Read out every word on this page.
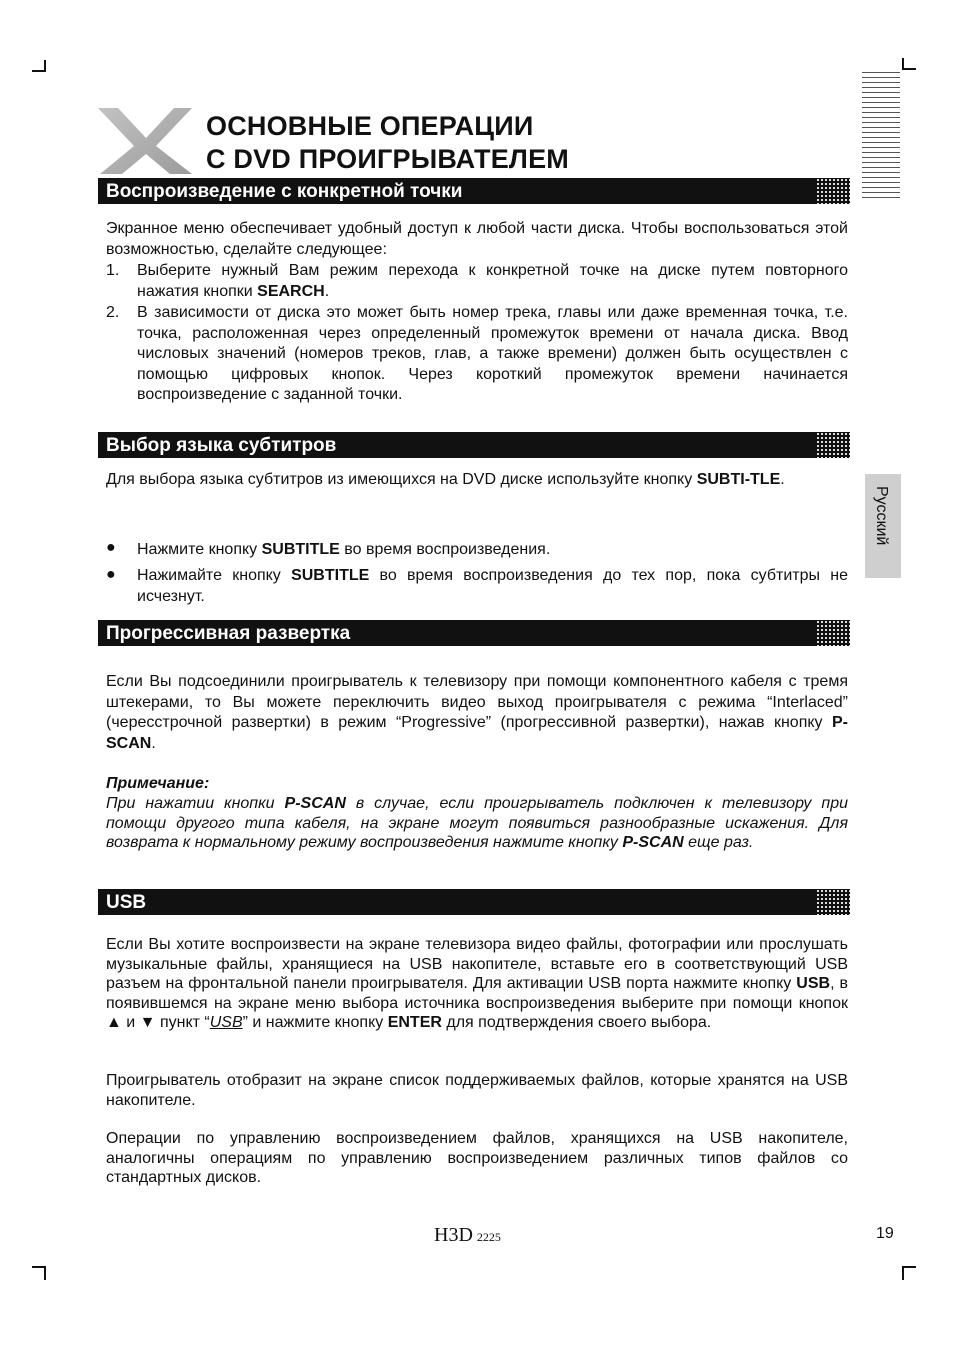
ОСНОВНЫЕ ОПЕРАЦИИ
С DVD ПРОИГРЫВАТЕЛЕМ
Русский
Воспроизведение с конкретной точки

Экранное меню обеспечивает удобный доступ к любой части диска. Чтобы воспользоваться этой возможностью, сделайте следующее:

1. Выберите нужный Вам режим перехода к конкретной точке на диске путем повторного нажатия кнопки SEARCH.

2. В зависимости от диска это может быть номер трека, главы или даже временная точка, т.е. точка, расположенная через определенный промежуток времени от начала диска. Ввод числовых значений (номеров треков, глав, а также времени) должен быть осуществлен с помощью цифровых кнопок. Через короткий промежуток времени начинается воспроизведение с заданной точки.

Выбор языка субтитров

Для выбора языка субтитров из имеющихся на DVD диске используйте кнопку SUBTI-TLE.

● Нажмите кнопку SUBTITLE во время воспроизведения.

● Нажимайте кнопку SUBTITLE во время воспроизведения до тех пор, пока субтитры не исчезнут.

Прогрессивная развертка

Если Вы подсоединили проигрыватель к телевизору при помощи компонентного кабеля с тремя штекерами, то Вы можете переключить видео выход проигрывателя с режима “Interlaced” (чересстрочной развертки) в режим “Progressive” (прогрессивной развертки), нажав кнопку P-SCAN.

Примечание:

При нажатии кнопки P-SCAN в случае, если проигрыватель подключен к телевизору при помощи другого типа кабеля, на экране могут появиться разнообразные искажения. Для возврата к нормальному режиму воспроизведения нажмите кнопку P-SCAN еще раз.

USB

Если Вы хотите воспроизвести на экране телевизора видео файлы, фотографии или прослушать музыкальные файлы, хранящиеся на USB накопителе, вставьте его в соответствующий USB разъем на фронтальной панели проигрывателя. Для активации USB порта нажмите кнопку USB, в появившемся на экране меню выбора источника воспроизведения выберите при помощи кнопок ▲ и ▼ пункт “USB” и нажмите кнопку ENTER для подтверждения своего выбора.

Проигрыватель отобразит на экране список поддерживаемых файлов, которые хранятся на USB накопителе.

Операции по управлению воспроизведением файлов, хранящихся на USB накопителе, аналогичны операциям по управлению воспроизведением различных типов файлов со стандартных дисков.

H3D 2225	19
